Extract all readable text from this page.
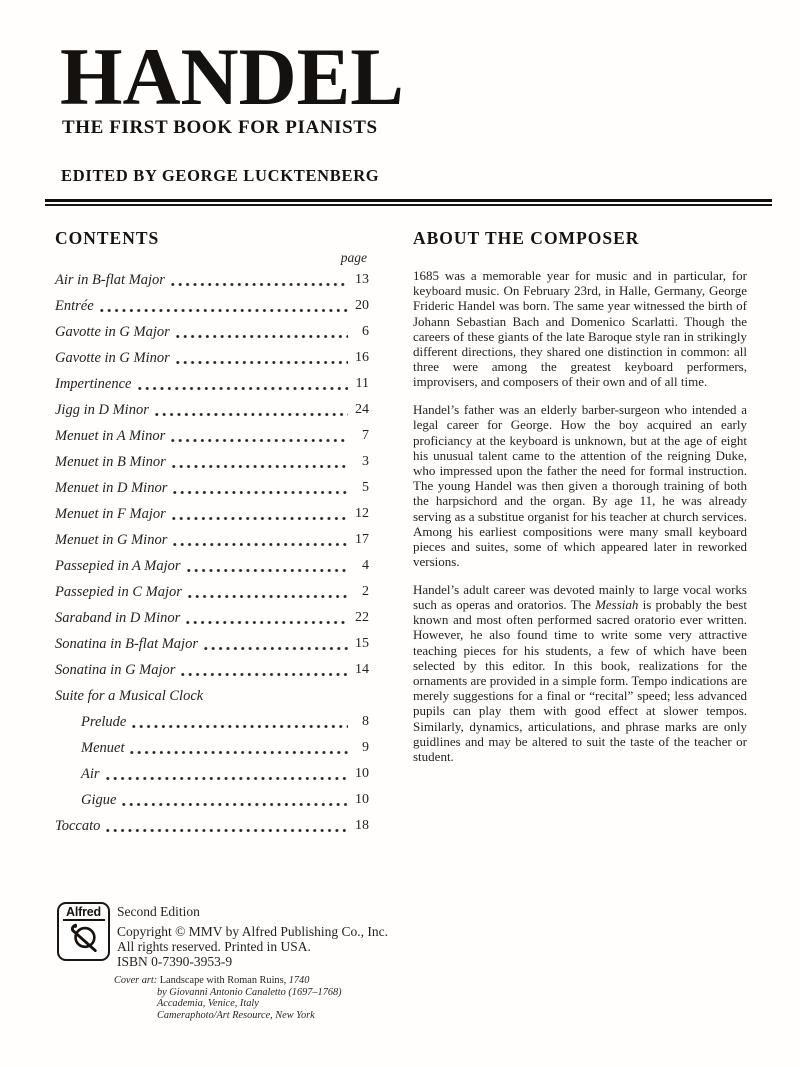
HANDEL
THE FIRST BOOK FOR PIANISTS
EDITED BY GEORGE LUCKTENBERG
CONTENTS
page
Air in B-flat Major	13
Entrée	20
Gavotte in G Major	6
Gavotte in G Minor	16
Impertinence	11
Jigg in D Minor	24
Menuet in A Minor	7
Menuet in B Minor	3
Menuet in D Minor	5
Menuet in F Major	12
Menuet in G Minor	17
Passepied in A Major	4
Passepied in C Major	2
Saraband in D Minor	22
Sonatina in B-flat Major	15
Sonatina in G Major	14
Suite for a Musical Clock
Prelude	8
Menuet	9
Air	10
Gigue	10
Toccato	18
ABOUT THE COMPOSER

1685 was a memorable year for music and in particular, for keyboard music. On February 23rd, in Halle, Germany, George Frideric Handel was born. The same year witnessed the birth of Johann Sebastian Bach and Domenico Scarlatti. Though the careers of these giants of the late Baroque style ran in strikingly different directions, they shared one distinction in common: all three were among the greatest keyboard performers, improvisers, and composers of their own and of all time.

Handel’s father was an elderly barber-surgeon who intended a legal career for George. How the boy acquired an early proficiancy at the keyboard is unknown, but at the age of eight his unusual talent came to the attention of the reigning Duke, who impressed upon the father the need for formal instruction. The young Handel was then given a thorough training of both the harpsichord and the organ. By age 11, he was already serving as a substitue organist for his teacher at church services. Among his earliest compositions were many small keyboard pieces and suites, some of which appeared later in reworked versions.

Handel’s adult career was devoted mainly to large vocal works such as operas and oratorios. The Messiah is probably the best known and most often performed sacred oratorio ever written. However, he also found time to write some very attractive teaching pieces for his students, a few of which have been selected by this editor. In this book, realizations for the ornaments are provided in a simple form. Tempo indications are merely suggestions for a final or “recital” speed; less advanced pupils can play them with good effect at slower tempos. Similarly, dynamics, articulations, and phrase marks are only guidlines and may be altered to suit the taste of the teacher or student.

Alfred Second Edition
Copyright © MMV by Alfred Publishing Co., Inc.
All rights reserved. Printed in USA.
ISBN 0-7390-3953-9
Cover art: Landscape with Roman Ruins, 1740
by Giovanni Antonio Canaletto (1697–1768)
Accademia, Venice, Italy
Cameraphoto/Art Resource, New York
